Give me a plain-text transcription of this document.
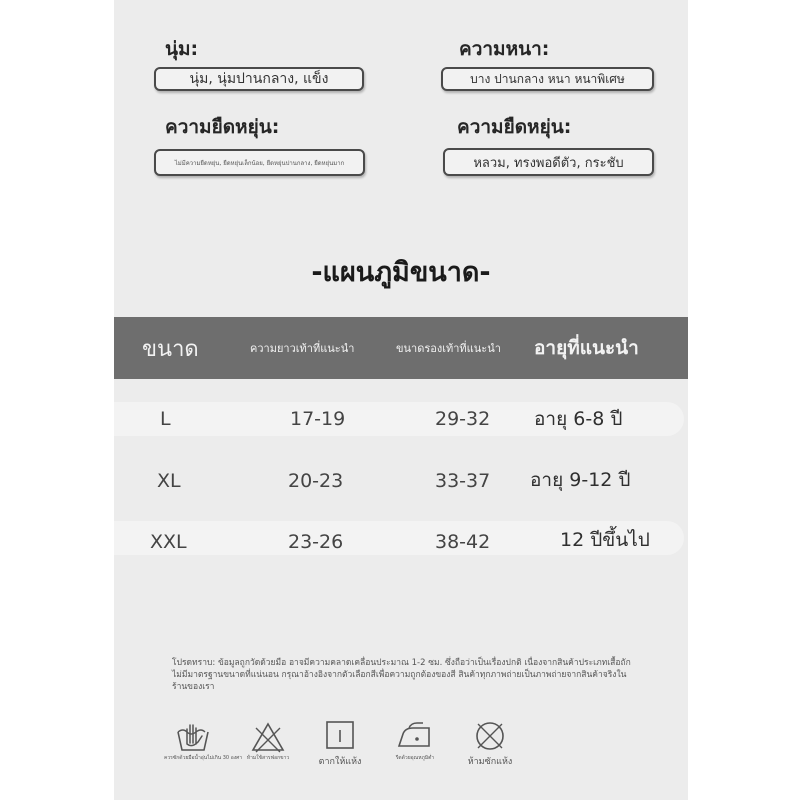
นุ่ม:
นุ่ม, นุ่มปานกลาง, แข็ง
ความหนา:
บาง ปานกลาง หนา หนาพิเศษ
ความยืดหยุ่น:
ไม่มีความยืดหยุ่น, ยืดหยุ่นเล็กน้อย, ยืดหยุ่นปานกลาง, ยืดหยุ่นมาก
ความยืดหยุ่น:
หลวม, ทรงพอดีตัว, กระชับ
-แผนภูมิขนาด-
ขนาด	ความยาวเท้าที่แนะนำ	ขนาดรองเท้าที่แนะนำ อายุที่แนะนำ
L	17-19	29-32 อายุ 6-8 ปี
XL	20-23	33-37 อายุ 9-12 ปี
XXL	23-26	38-42	12 ปีขึ้นไป
โปรดทราบ: ข้อมูลถูกวัดด้วยมือ อาจมีความคลาดเคลื่อนประมาณ 1-2 ซม. ซึ่งถือว่าเป็นเรื่องปกติ เนื่องจากสินค้าประเภทเสื้อถักไม่มีมาตรฐานขนาดที่แน่นอน กรุณาอ้างอิงจากตัวเลือกสีเพื่อความถูกต้องของสี สินค้าทุกภาพถ่ายเป็นภาพถ่ายจากสินค้าจริงในร้านของเรา
ควรซักด้วยมือน้ำอุ่นไม่เกิน 30 องศา ห้ามใช้สารฟอกขาว	ตากให้แห้ง	รีดด้วยอุณหภูมิต่ำ	ห้ามซักแห้ง
